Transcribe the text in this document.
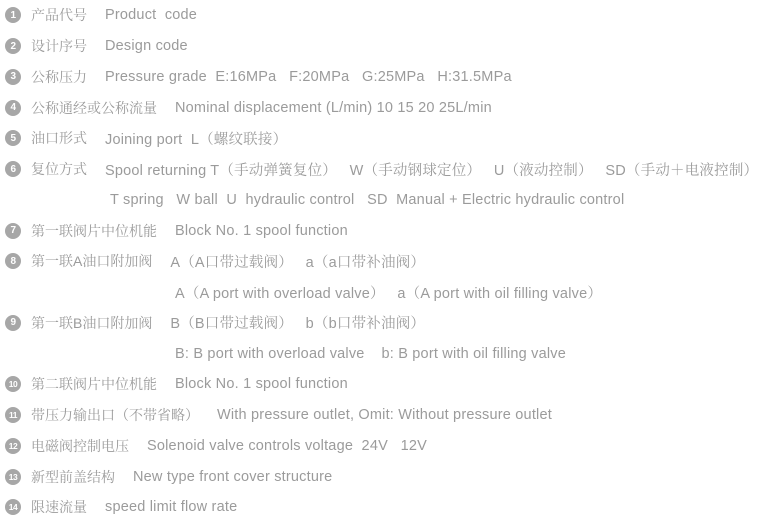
1	产品代号 Product  code
2	设计序号 Design code
3	公称压力 Pressure grade  E:16MPa   F:20MPa   G:25MPa   H:31.5MPa
4	公称通经或公称流量 Nominal displacement (L/min) 10 15 20 25L/min
5	油口形式 Joining port  L（螺纹联接）
6	复位方式 Spool returning T（手动弹簧复位）   W（手动钢球定位）   U（液动控制）   SD（手动＋电液控制）
T spring   W ball  U  hydraulic control   SD  Manual + Electric hydraulic control
7	第一联阀片中位机能 Block No. 1 spool function
8	第一联A油口附加阀 A（A口带过载阀）   a（a口带补油阀）
A（A port with overload valve）   a（A port with oil filling valve）
9	第一联B油口附加阀 B（B口带过载阀）   b（b口带补油阀）
B: B port with overload valve    b: B port with oil filling valve
10 第二联阀片中位机能 Block No. 1 spool function
11 带压力输出口（不带省略） With pressure outlet, Omit: Without pressure outlet
12 电磁阀控制电压 Solenoid valve controls voltage  24V   12V
13 新型前盖结构 New type front cover structure
14 限速流量 speed limit flow rate
